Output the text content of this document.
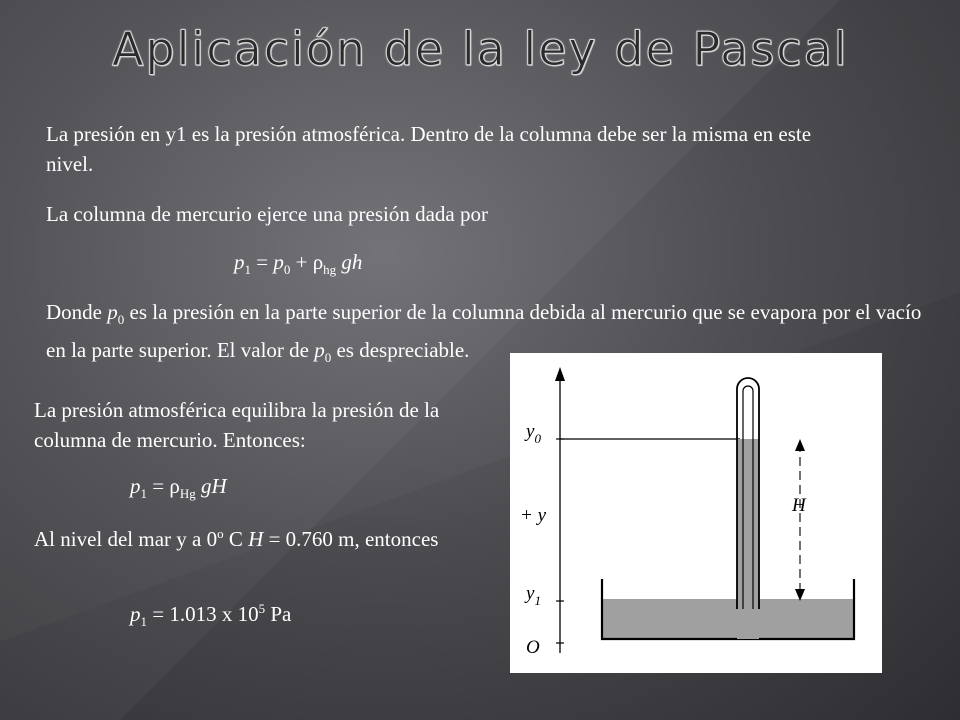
Aplicación de la ley de Pascal

La presión en y1 es la presión atmosférica. Dentro de la columna debe ser la misma en este nivel.

La columna de mercurio ejerce una presión dada por

$p_1 = p_0 + \rho_{hg}$ gh

Donde $p_0$ es la presión en la parte superior de la columna debida al mercurio que se evapora por el vacío en la parte superior. El valor de $p_0$ es despreciable.

La presión atmosférica equilibra la presión de la columna de mercurio. Entonces:

$p_1 = \rho_{Hg}$ gH

Al nivel del mar y a 0$^o$ C H = 0.760 m, entonces

$p_1 = 1.013$ x $10^5$ Pa
$y_0$
$y_1$
+ y
O
H
